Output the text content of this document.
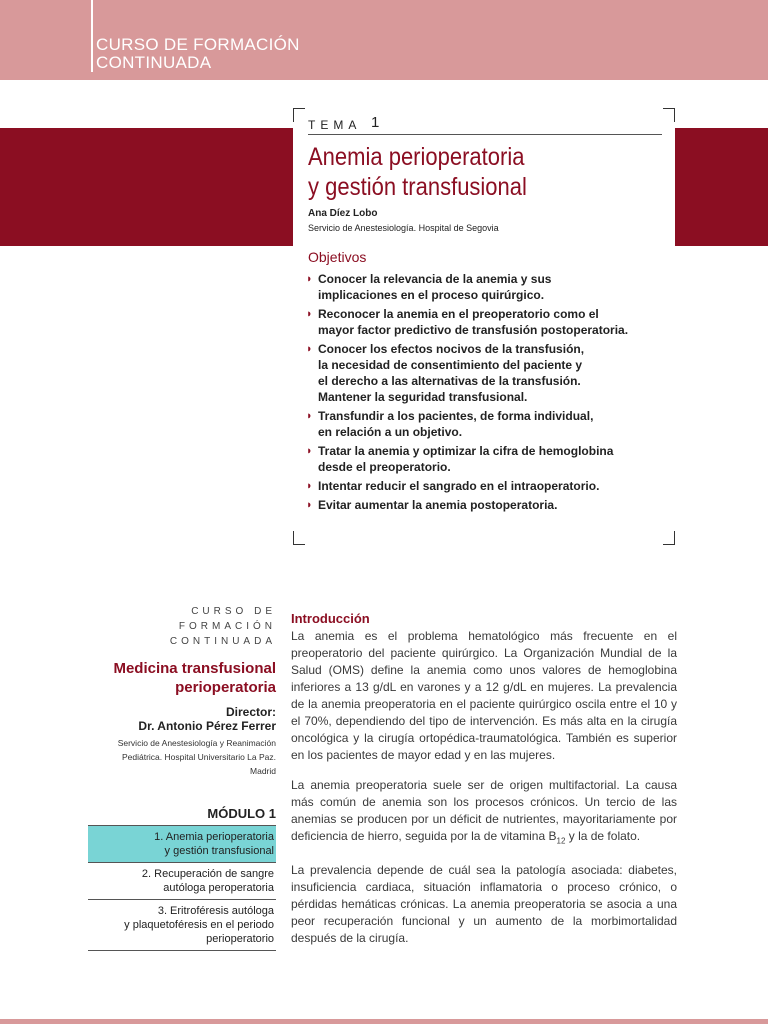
CURSO DE FORMACIÓN
CONTINUADA
TEMA 1
Anemia perioperatoria
y gestión transfusional
Ana Díez Lobo
Servicio de Anestesiología. Hospital de Segovia
Objetivos
◗ Conocer la relevancia de la anemia y sus
implicaciones en el proceso quirúrgico.
◗ Reconocer la anemia en el preoperatorio como el
mayor factor predictivo de transfusión postoperatoria.
◗ Conocer los efectos nocivos de la transfusión,
la necesidad de consentimiento del paciente y
el derecho a las alternativas de la transfusión.
Mantener la seguridad transfusional.
◗ Transfundir a los pacientes, de forma individual,
en relación a un objetivo.
◗ Tratar la anemia y optimizar la cifra de hemoglobina
desde el preoperatorio.
◗ Intentar reducir el sangrado en el intraoperatorio.
◗ Evitar aumentar la anemia postoperatoria.
CURSO DE
FORMACIÓN
CONTINUADA
Medicina transfusional
perioperatoria
Director:
Dr. Antonio Pérez Ferrer
Servicio de Anestesiología y Reanimación
Pediátrica. Hospital Universitario La Paz.
Madrid
MÓDULO 1
1. Anemia perioperatoria
y gestión transfusional
2. Recuperación de sangre
autóloga peroperatoria
3. Eritroféresis autóloga
y plaquetoféresis en el periodo
perioperatorio
Introducción

La anemia es el problema hematológico más frecuente en el preoperatorio del paciente quirúrgico. La Organización Mundial de la Salud (OMS) define la anemia como unos valores de hemoglobina inferiores a 13 g/dL en varones y a 12 g/dL en mujeres. La prevalencia de la anemia preoperatoria en el paciente quirúrgico oscila entre el 10 y el 70%, dependiendo del tipo de intervención. Es más alta en la cirugía oncológica y la cirugía ortopédica-traumatológica. También es superior en los pacientes de mayor edad y en las mujeres.

La anemia preoperatoria suele ser de origen multifactorial. La causa más común de anemia son los procesos crónicos. Un tercio de las anemias se producen por un déficit de nutrientes, mayoritariamente por deficiencia de hierro, seguida por la de vitamina $B_{12}$ y la de folato.

La prevalencia depende de cuál sea la patología asociada: diabetes, insuficiencia cardiaca, situación inflamatoria o proceso crónico, o pérdidas hemáticas crónicas. La anemia preoperatoria se asocia a una peor recuperación funcional y un aumento de la morbimortalidad después de la cirugía.
